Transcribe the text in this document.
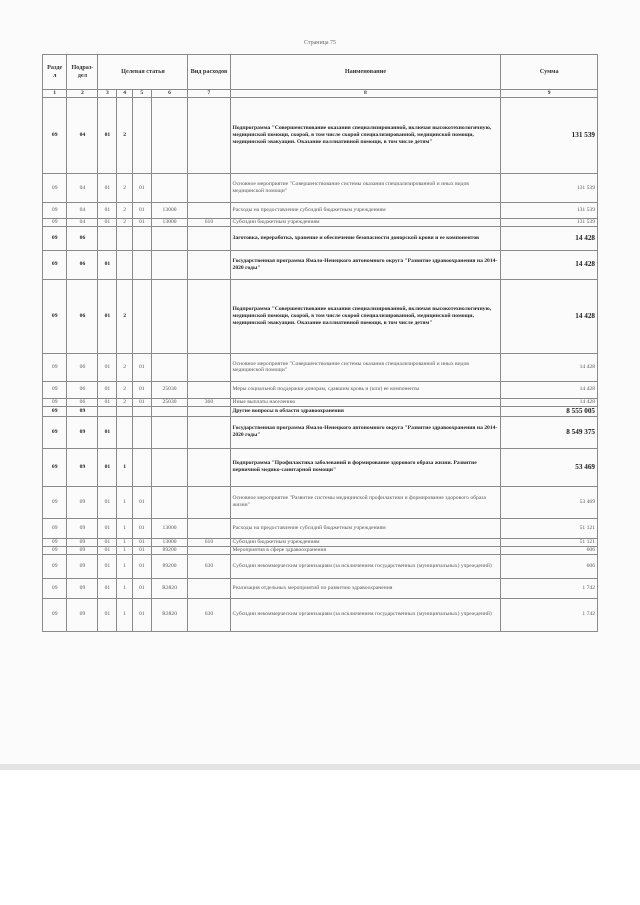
Страница 75
Разде л	Подраз- дел	Целевая статья				Вид расходов	Наименование	Сумма
1	2	3	4	5	6	7	8	9
09	04	01	2				Подпрограмма "Совершенствование оказания специализированной, включая высокотехнологичную, медицинской помощи, скорой, в том числе скорой специализированной, медицинской помощи, медицинской эвакуации. Оказание паллиативной помощи, в том числе детям"	131 539
09	04	01	2	01			Основное мероприятие "Совершенствование системы оказания специализированной и иных видов медицинской помощи"	131 539
09	04	01	2	01	13000		Расходы на предоставление субсидий бюджетным учреждениям	131 539
09	04	01	2	01	13000	610	Субсидии бюджетным учреждениям	131 539
09	06						Заготовка, переработка, хранение и обеспечение безопасности донорской крови и ее компонентов	14 428
09	06	01					Государственная программа Ямало-Ненецкого автономного округа "Развитие здравоохранения на 2014-2020 годы"	14 428
09	06	01	2				Подпрограмма "Совершенствование оказания специализированной, включая высокотехнологичную, медицинской помощи, скорой, в том числе скорой специализированной, медицинской помощи, медицинской эвакуации. Оказание паллиативной помощи, в том числе детям"	14 428
09	06	01	2	01			Основное мероприятие "Совершенствование системы оказания специализированной и иных видов медицинской помощи"	14 428
09	06	01	2	01	25030		Меры социальной поддержки донорам, сдавшим кровь и (или) ее компоненты	14 428
09	06	01	2	01	25030	360	Иные выплаты населению	14 428
09	09						Другие вопросы в области здравоохранения	8 555 005
09	09	01					Государственная программа Ямало-Ненецкого автономного округа "Развитие здравоохранения на 2014-2020 годы"	8 549 375
09	09	01	1				Подпрограмма "Профилактика заболеваний и формирование здорового образа жизни. Развитие первичной медико-санитарной помощи"	53 469
09	09	01	1	01			Основное мероприятие "Развитие системы медицинской профилактики и формирование здорового образа жизни"	53 469
09	09	01	1	01	13000		Расходы на предоставление субсидий бюджетным учреждениям	51 121
09	09	01	1	01	13000	610	Субсидии бюджетным учреждениям	51 121
09	09	01	1	01	89200		Мероприятия в сфере здравоохранения	606
09	09	01	1	01	89200	630	Субсидии некоммерческим организациям (за исключением государственных (муниципальных) учреждений)	606
09	09	01	1	01	R3820		Реализация отдельных мероприятий по развитию здравоохранения	1 742
09	09	01	1	01	R3820	630	Субсидии некоммерческим организациям (за исключением государственных (муниципальных) учреждений)	1 742
